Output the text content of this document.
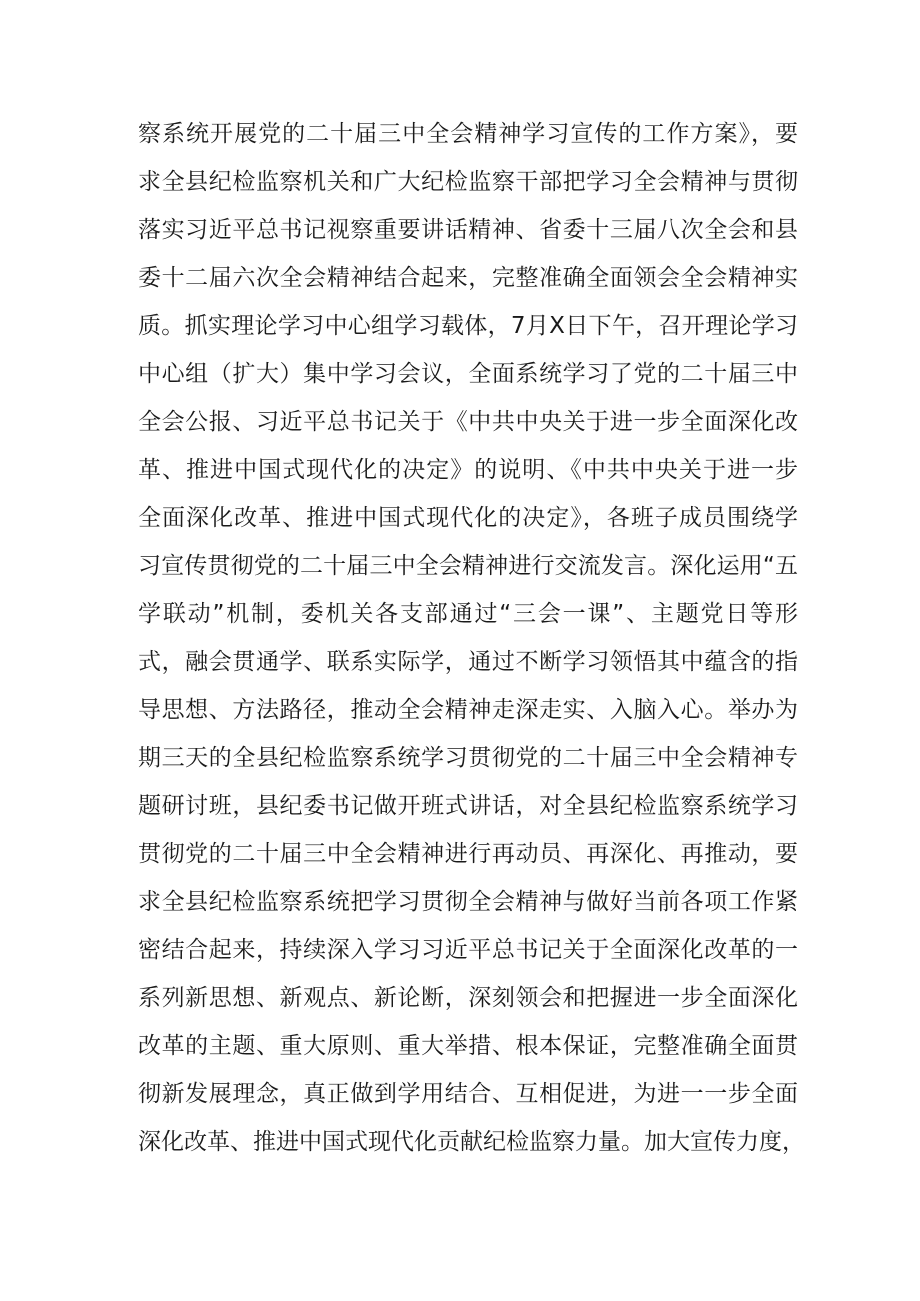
察系统开展党的二十届三中全会精神学习宣传的工作方案》，要
求全县纪检监察机关和广大纪检监察干部把学习全会精神与贯彻
落实习近平总书记视察重要讲话精神、省委十三届八次全会和县
委十二届六次全会精神结合起来，完整准确全面领会全会精神实
质。抓实理论学习中心组学习载体，7月X日下午，召开理论学习
中心组（扩大）集中学习会议，全面系统学习了党的二十届三中
全会公报、习近平总书记关于《中共中央关于进一步全面深化改
革、推进中国式现代化的决定》的说明、《中共中央关于进一步
全面深化改革、推进中国式现代化的决定》，各班子成员围绕学
习宣传贯彻党的二十届三中全会精神进行交流发言。深化运用“五
学联动”机制，委机关各支部通过“三会一课”、主题党日等形
式，融会贯通学、联系实际学，通过不断学习领悟其中蕴含的指
导思想、方法路径，推动全会精神走深走实、入脑入心。举办为
期三天的全县纪检监察系统学习贯彻党的二十届三中全会精神专
题研讨班，县纪委书记做开班式讲话，对全县纪检监察系统学习
贯彻党的二十届三中全会精神进行再动员、再深化、再推动，要
求全县纪检监察系统把学习贯彻全会精神与做好当前各项工作紧
密结合起来，持续深入学习习近平总书记关于全面深化改革的一
系列新思想、新观点、新论断，深刻领会和把握进一步全面深化
改革的主题、重大原则、重大举措、根本保证，完整准确全面贯
彻新发展理念，真正做到学用结合、互相促进，为进一一步全面
深化改革、推进中国式现代化贡献纪检监察力量。加大宣传力度，
